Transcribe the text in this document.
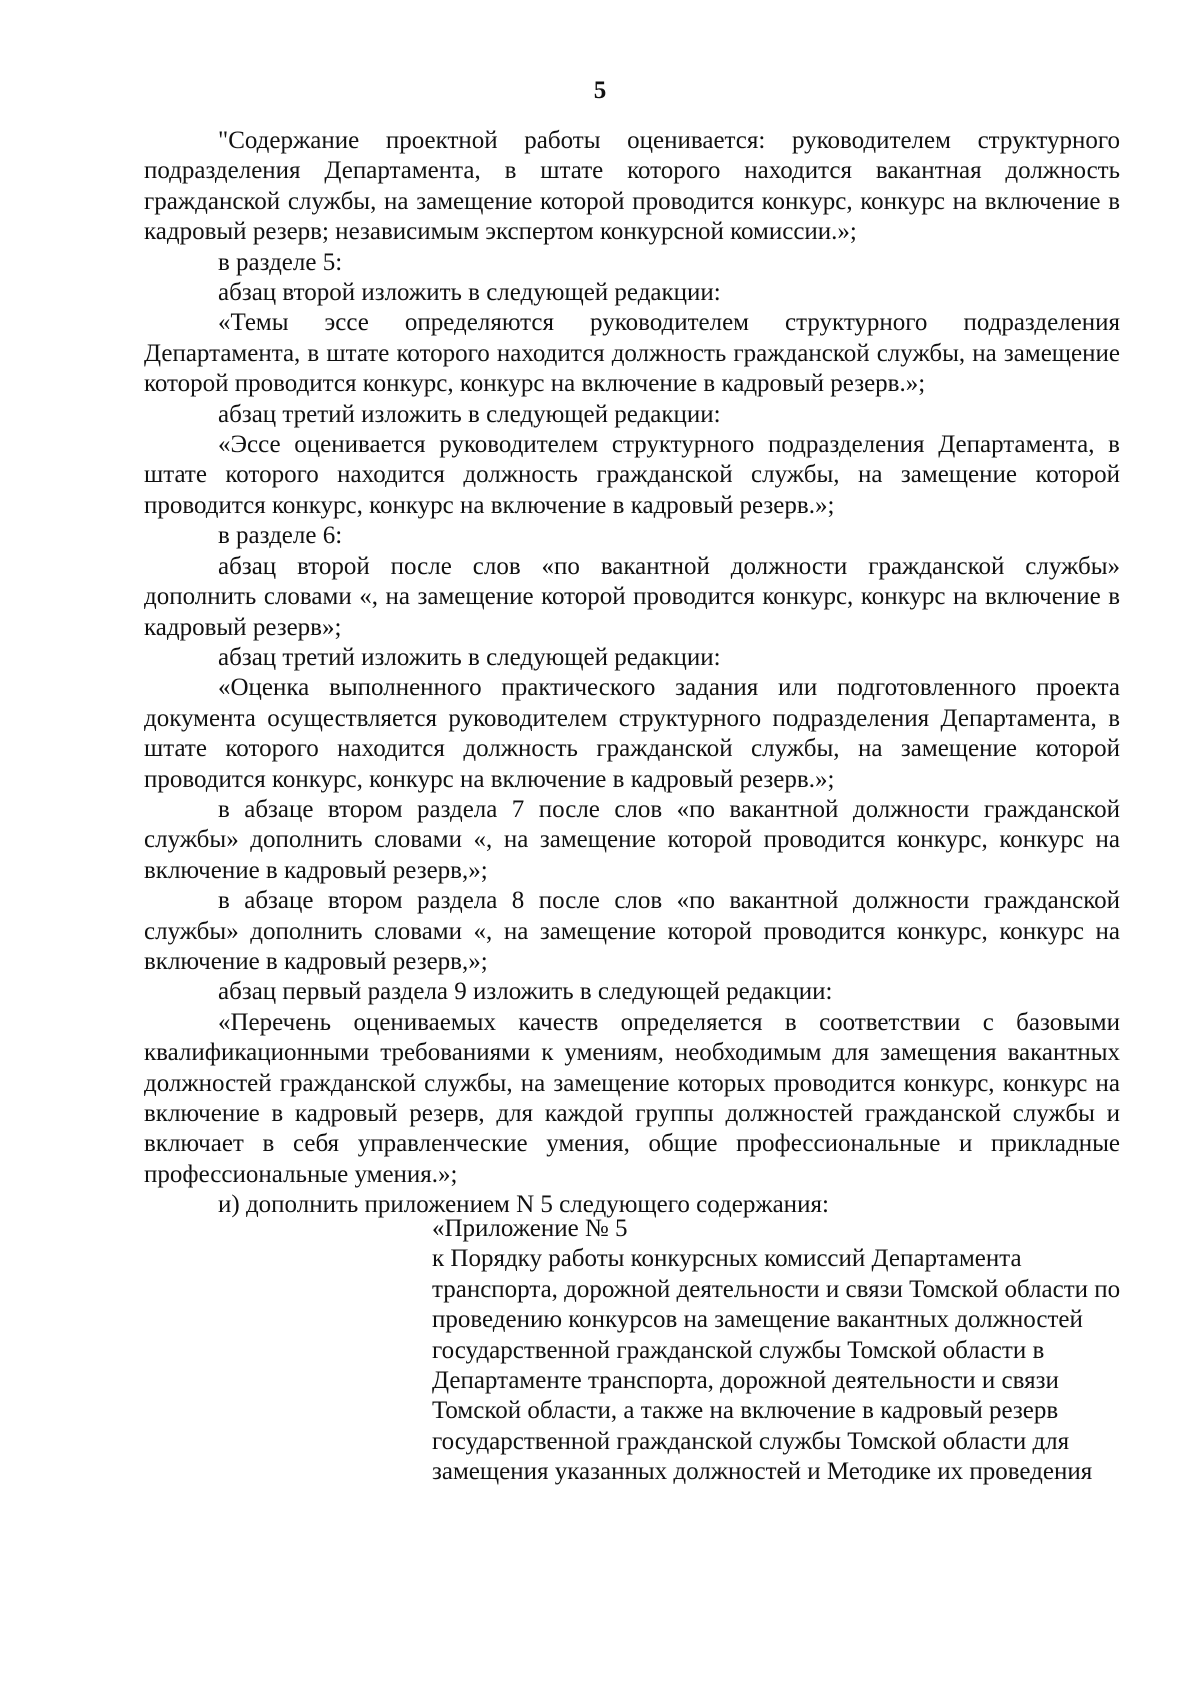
5

"Содержание проектной работы оценивается: руководителем структурного подразделения Департамента, в штате которого находится вакантная должность гражданской службы, на замещение которой проводится конкурс, конкурс на включение в кадровый резерв; независимым экспертом конкурсной комиссии.»;

в разделе 5:

абзац второй изложить в следующей редакции:

«Темы эссе определяются руководителем структурного подразделения Департамента, в штате которого находится должность гражданской службы, на замещение которой проводится конкурс, конкурс на включение в кадровый резерв.»;

абзац третий изложить в следующей редакции:

«Эссе оценивается руководителем структурного подразделения Департамента, в штате которого находится должность гражданской службы, на замещение которой проводится конкурс, конкурс на включение в кадровый резерв.»;

в разделе 6:

абзац второй после слов «по вакантной должности гражданской службы» дополнить словами «, на замещение которой проводится конкурс, конкурс на включение в кадровый резерв»;

абзац третий изложить в следующей редакции:

«Оценка выполненного практического задания или подготовленного проекта документа осуществляется руководителем структурного подразделения Департамента, в штате которого находится должность гражданской службы, на замещение которой проводится конкурс, конкурс на включение в кадровый резерв.»;

в абзаце втором раздела 7 после слов «по вакантной должности гражданской службы» дополнить словами «, на замещение которой проводится конкурс, конкурс на включение в кадровый резерв,»;

в абзаце втором раздела 8 после слов «по вакантной должности гражданской службы» дополнить словами «, на замещение которой проводится конкурс, конкурс на включение в кадровый резерв,»;

абзац первый раздела 9 изложить в следующей редакции:

«Перечень оцениваемых качеств определяется в соответствии с базовыми квалификационными требованиями к умениям, необходимым для замещения вакантных должностей гражданской службы, на замещение которых проводится конкурс, конкурс на включение в кадровый резерв, для каждой группы должностей гражданской службы и включает в себя управленческие умения, общие профессиональные и прикладные профессиональные умения.»;

и) дополнить приложением N 5 следующего содержания:

«Приложение № 5

к Порядку работы конкурсных комиссий Департамента транспорта, дорожной деятельности и связи Томской области по проведению конкурсов на замещение вакантных должностей государственной гражданской службы Томской области в Департаменте транспорта, дорожной деятельности и связи Томской области, а также на включение в кадровый резерв государственной гражданской службы Томской области для замещения указанных должностей и Методике их проведения
